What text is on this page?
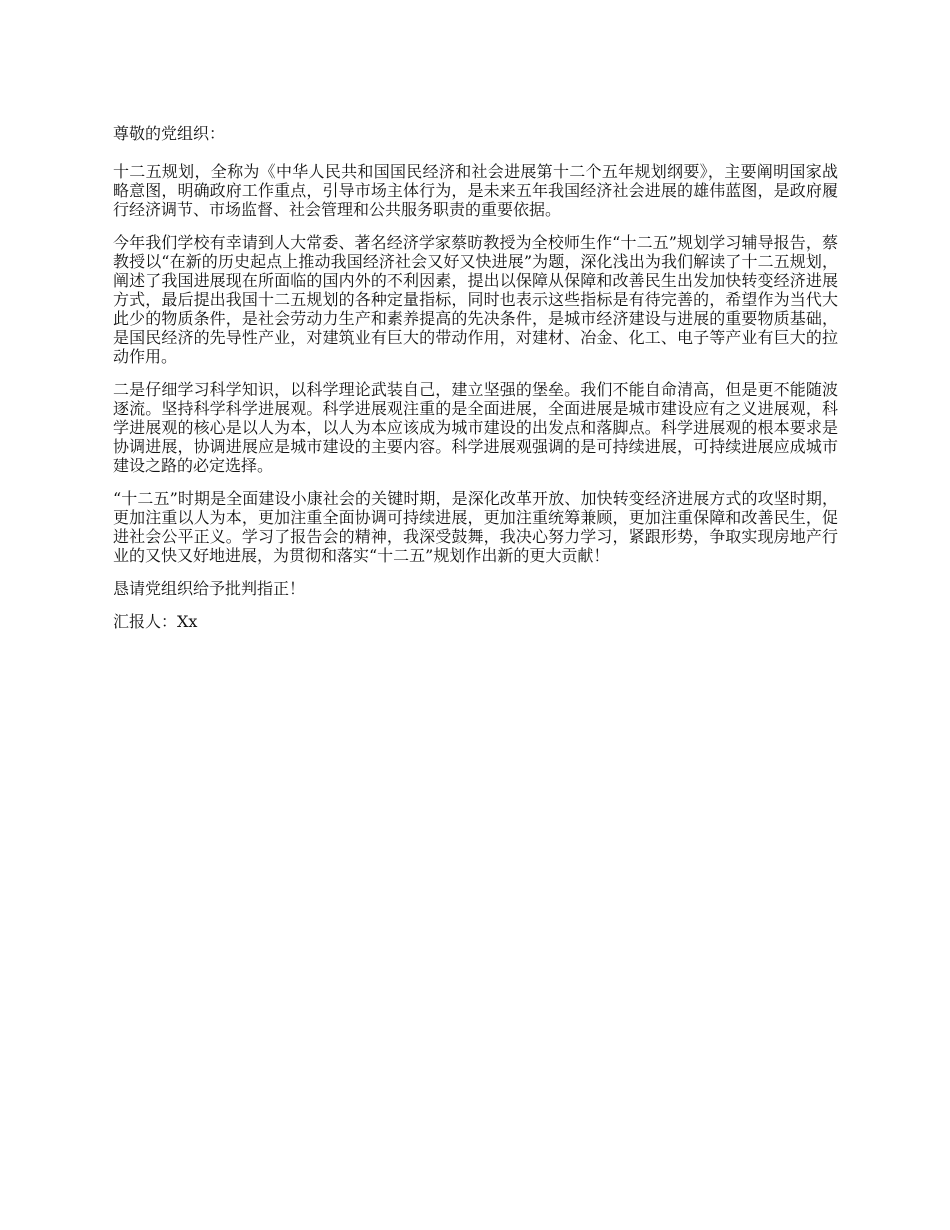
尊敬的党组织：

十二五规划，全称为《中华人民共和国国民经济和社会进展第十二个五年规划纲要》，主要阐明国家战略意图，明确政府工作重点，引导市场主体行为，是未来五年我国经济社会进展的雄伟蓝图，是政府履行经济调节、市场监督、社会管理和公共服务职责的重要依据。

今年我们学校有幸请到人大常委、著名经济学家蔡昉教授为全校师生作“十二五”规划学习辅导报告，蔡教授以“在新的历史起点上推动我国经济社会又好又快进展”为题，深化浅出为我们解读了十二五规划，阐述了我国进展现在所面临的国内外的不利因素，提出以保障从保障和改善民生出发加快转变经济进展方式，最后提出我国十二五规划的各种定量指标，同时也表示这些指标是有待完善的，希望作为当代大此少的物质条件，是社会劳动力生产和素养提高的先决条件，是城市经济建设与进展的重要物质基础，是国民经济的先导性产业，对建筑业有巨大的带动作用，对建材、冶金、化工、电子等产业有巨大的拉动作用。

二是仔细学习科学知识，以科学理论武装自己，建立坚强的堡垒。我们不能自命清高，但是更不能随波逐流。坚持科学科学进展观。科学进展观注重的是全面进展，全面进展是城市建设应有之义进展观，科学进展观的核心是以人为本，以人为本应该成为城市建设的出发点和落脚点。科学进展观的根本要求是协调进展，协调进展应是城市建设的主要内容。科学进展观强调的是可持续进展，可持续进展应成城市建设之路的必定选择。

“十二五”时期是全面建设小康社会的关键时期，是深化改革开放、加快转变经济进展方式的攻坚时期，更加注重以人为本，更加注重全面协调可持续进展，更加注重统筹兼顾，更加注重保障和改善民生，促进社会公平正义。学习了报告会的精神，我深受鼓舞，我决心努力学习，紧跟形势，争取实现房地产行业的又快又好地进展，为贯彻和落实“十二五”规划作出新的更大贡献！

恳请党组织给予批判指正！

汇报人：Xx
